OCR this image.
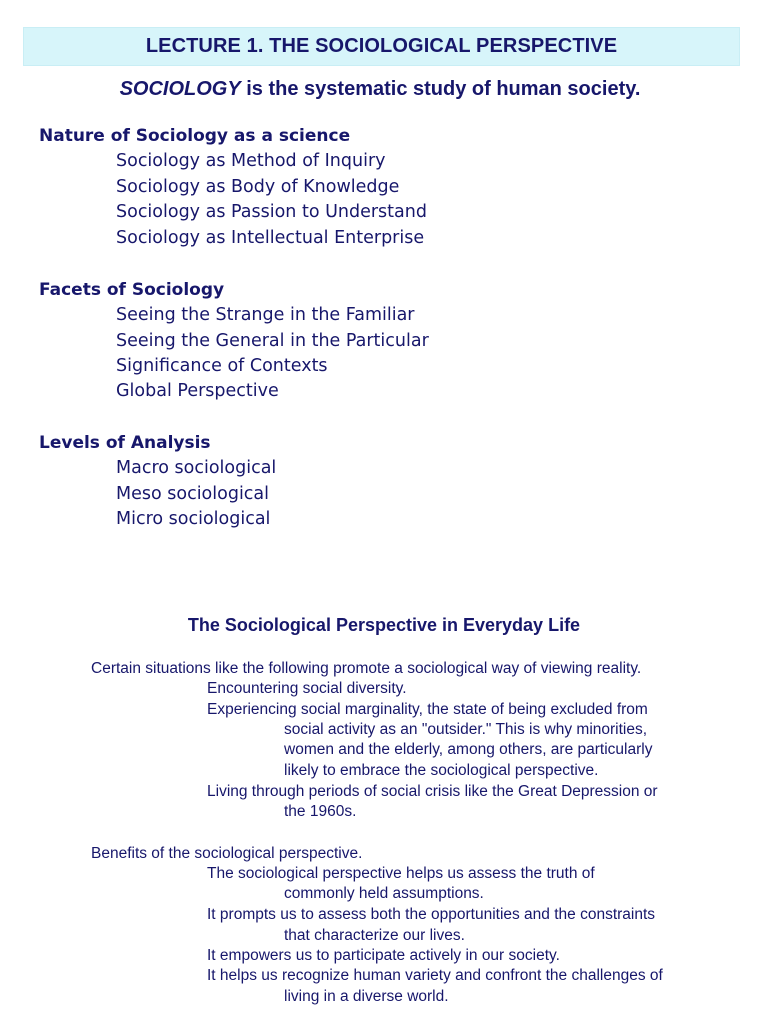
LECTURE 1. THE SOCIOLOGICAL PERSPECTIVE
SOCIOLOGY is the systematic study of human society.
Nature of Sociology as a science
Sociology as Method of Inquiry
Sociology as Body of Knowledge
Sociology as Passion to Understand
Sociology as Intellectual Enterprise
Facets of Sociology
Seeing the Strange in the Familiar
Seeing the General in the Particular
Significance of Contexts
Global Perspective
Levels of Analysis
Macro sociological
Meso sociological
Micro sociological
The Sociological Perspective in Everyday Life
Certain situations like the following promote a sociological way of viewing reality.
Encountering social diversity.
Experiencing social marginality, the state of being excluded from
social activity as an "outsider." This is why minorities,
women and the elderly, among others, are particularly
likely to embrace the sociological perspective.
Living through periods of social crisis like the Great Depression or
the 1960s.
Benefits of the sociological perspective.
The sociological perspective helps us assess the truth of
commonly held assumptions.
It prompts us to assess both the opportunities and the constraints
that characterize our lives.
It empowers us to participate actively in our society.
It helps us recognize human variety and confront the challenges of
living in a diverse world.
